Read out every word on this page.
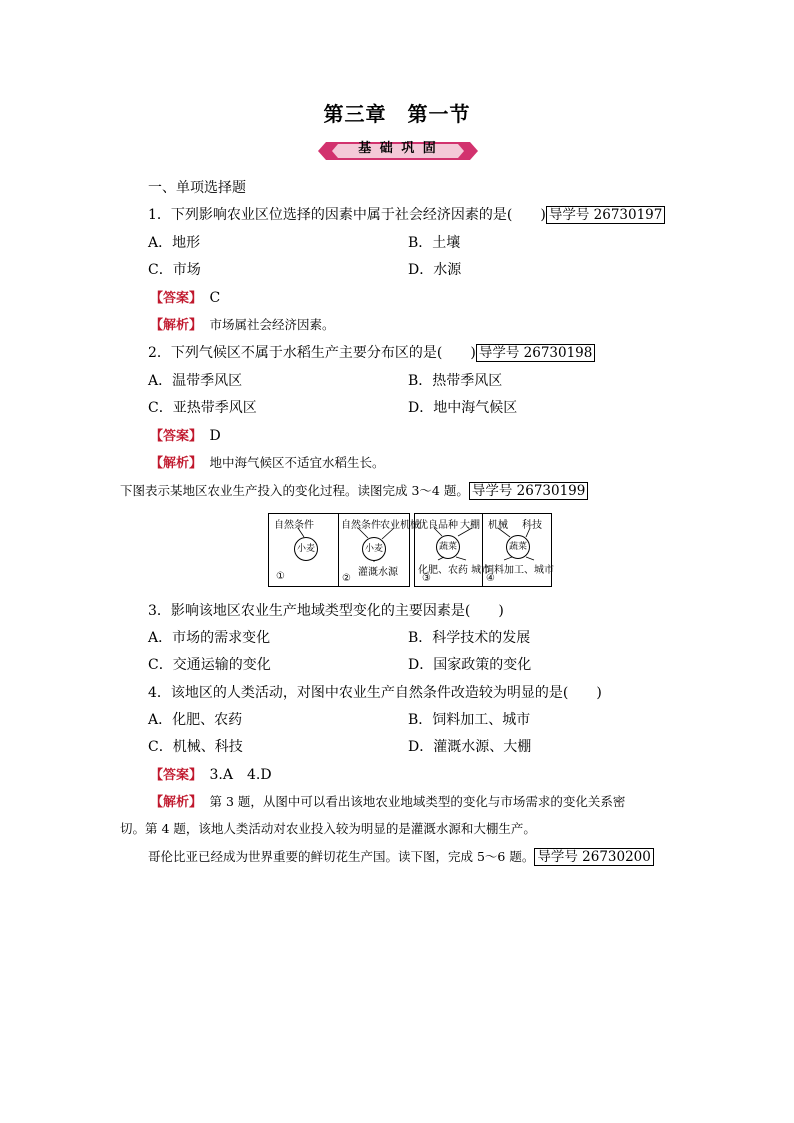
第三章　第一节
基 础 巩 固
一、单项选择题
1．下列影响农业区位选择的因素中属于社会经济因素的是(　　) 导学号 26730197
A．地形	B．土壤
C．市场	D．水源
【答案】　 C
【解析】　 市场属社会经济因素。
2．下列气候区不属于水稻生产主要分布区的是(　　) 导学号 26730198
A．温带季风区	B．热带季风区
C．亚热带季风区	D．地中海气候区
【答案】　 D
【解析】　 地中海气候区不适宜水稻生长。
下图表示某地区农业生产投入的变化过程。读图完成 3～4 题。 导学号 26730199
自然条件
小麦
①
自然条件 农业机械
小麦
灌溉水源
②
优良品种 大棚
蔬菜
化肥、农药 城市
③
机械 科技
蔬菜
饲料加工、城市
④
3．影响该地区农业生产地域类型变化的主要因素是(　　)
A．市场的需求变化	B．科学技术的发展
C．交通运输的变化	D．国家政策的变化
4．该地区的人类活动，对图中农业生产自然条件改造较为明显的是(　　)
A．化肥、农药	B．饲料加工、城市
C．机械、科技	D．灌溉水源、大棚
【答案】　 3.A　4.D
【解析】　 第 3 题，从图中可以看出该地农业地域类型的变化与市场需求的变化关系密
切。第 4 题，该地人类活动对农业投入较为明显的是灌溉水源和大棚生产。
哥伦比亚已经成为世界重要的鲜切花生产国。读下图，完成 5～6 题。 导学号 26730200
